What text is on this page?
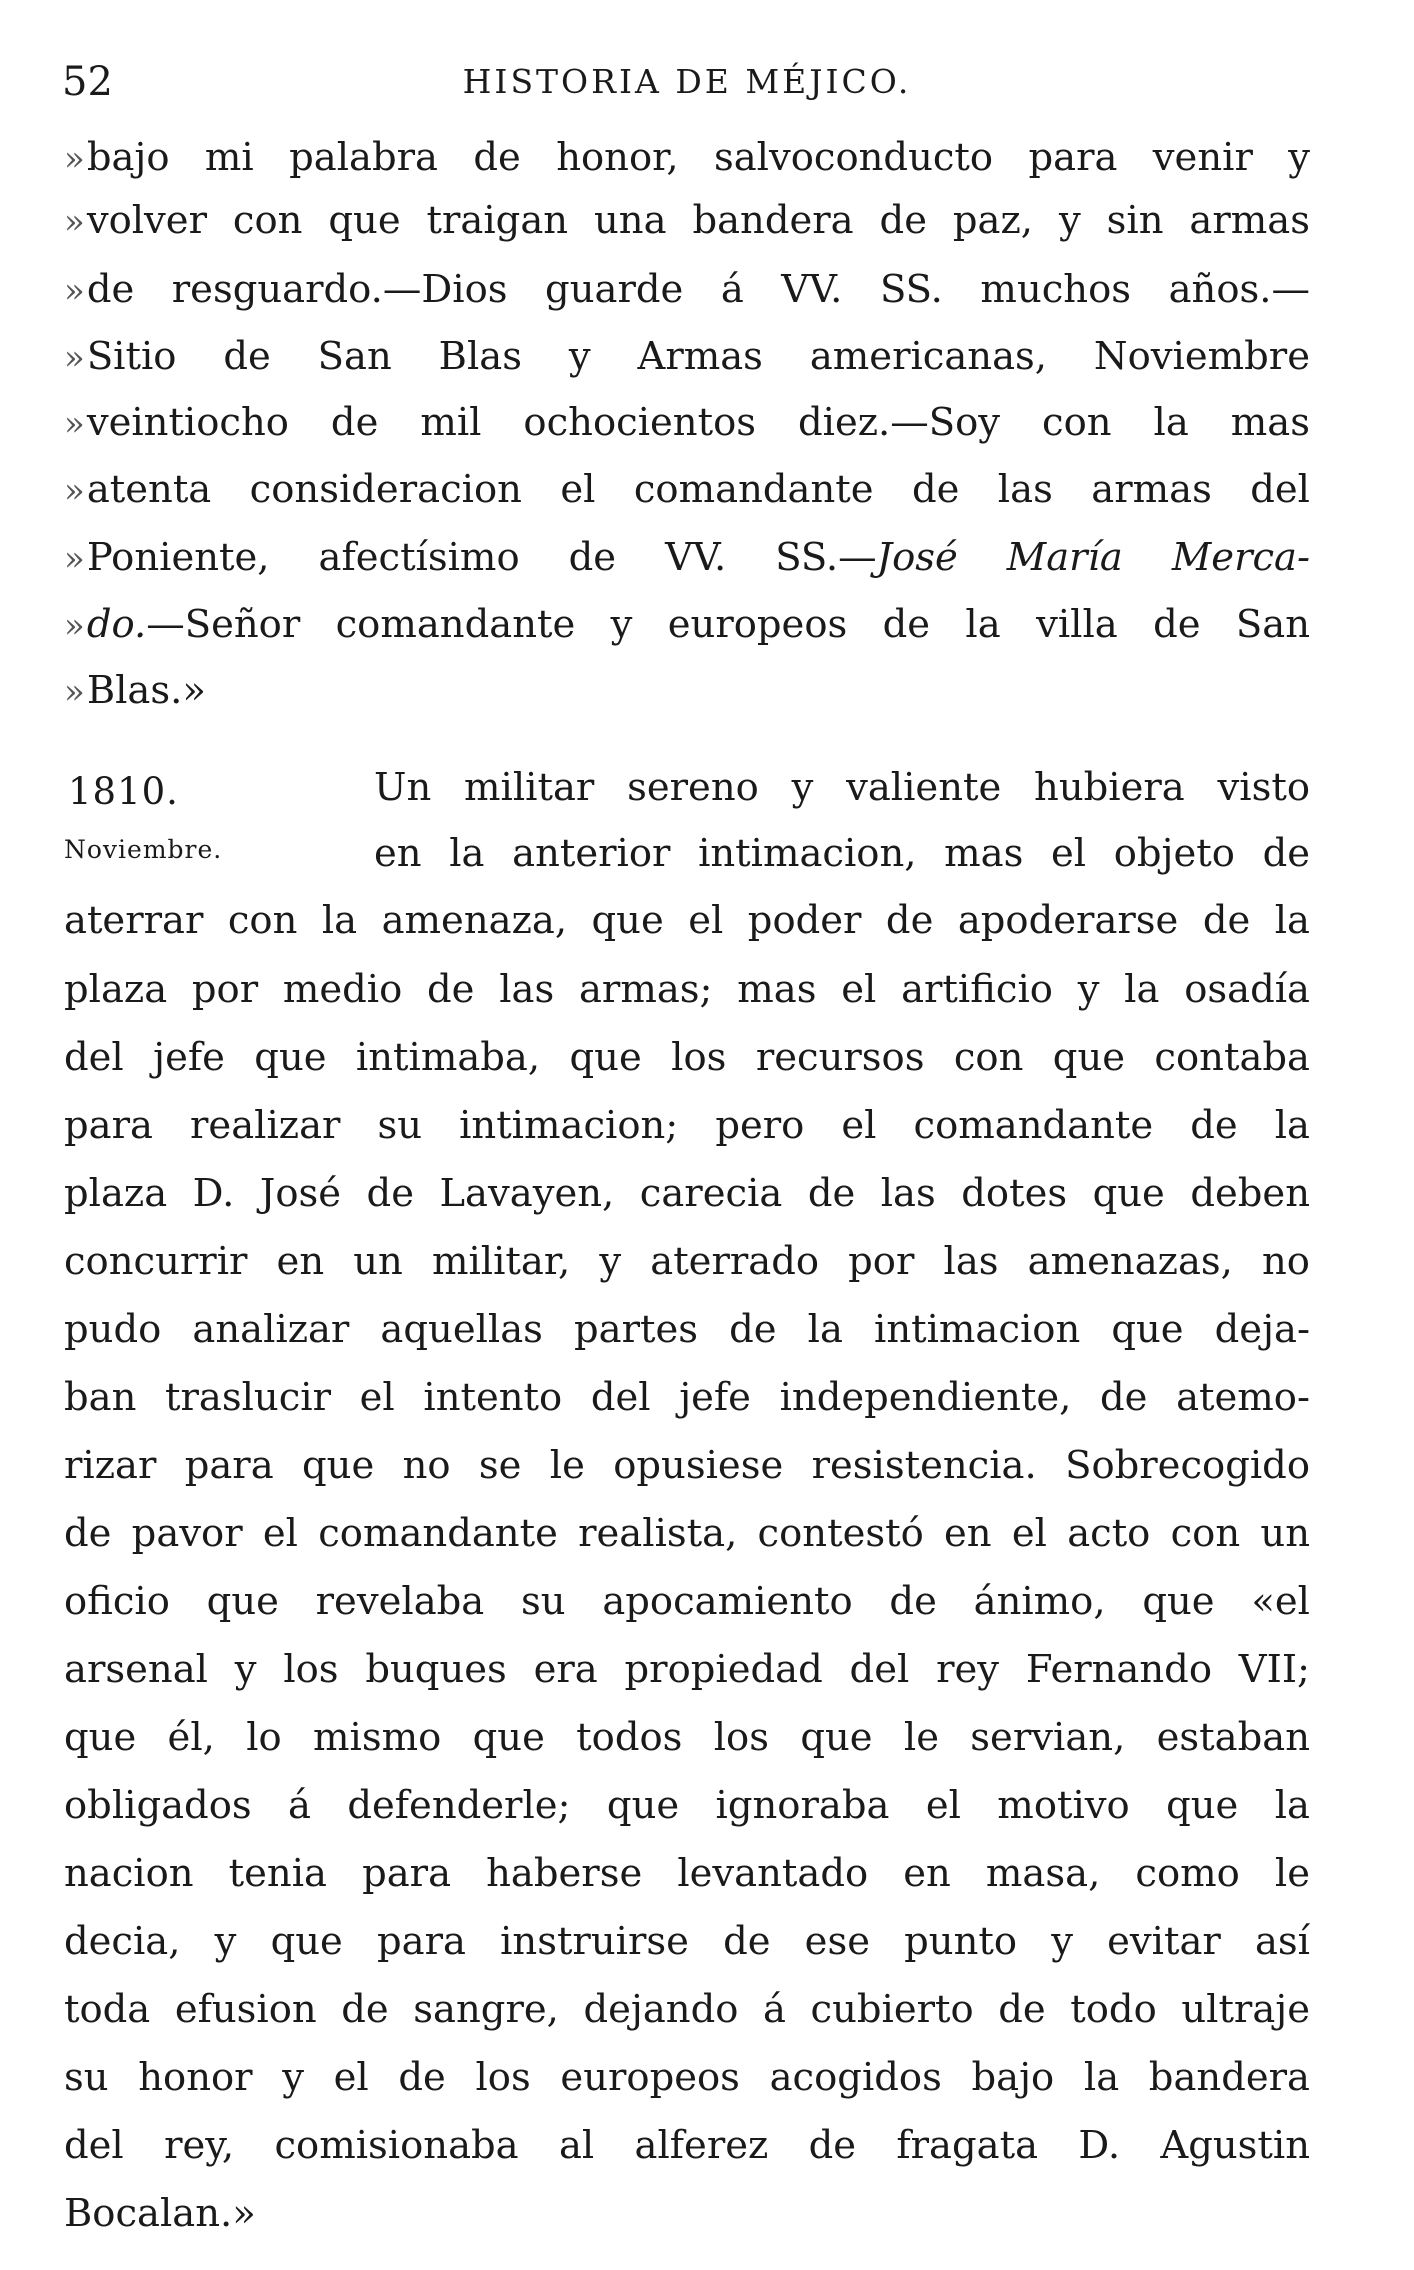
52	HISTORIA DE MÉJICO.
» bajo mi palabra de honor, salvoconducto para venir y
» volver con que traigan una bandera de paz, y sin armas
» de resguardo.—Dios guarde á VV. SS. muchos años.—
» Sitio de San Blas y Armas americanas, Noviembre
» veintiocho de mil ochocientos diez.—Soy con la mas
» atenta consideracion el comandante de las armas del
» Poniente, afectísimo de VV. SS.—José María Merca-
» do.—Señor comandante y europeos de la villa de San
» Blas.»
1810.
Noviembre.
Un militar sereno y valiente hubiera visto
en la anterior intimacion, mas el objeto de
aterrar con la amenaza, que el poder de apoderarse de la
plaza por medio de las armas; mas el artificio y la osadía
del jefe que intimaba, que los recursos con que contaba
para realizar su intimacion; pero el comandante de la
plaza D. José de Lavayen, carecia de las dotes que deben
concurrir en un militar, y aterrado por las amenazas, no
pudo analizar aquellas partes de la intimacion que deja-
ban traslucir el intento del jefe independiente, de atemo-
rizar para que no se le opusiese resistencia. Sobrecogido
de pavor el comandante realista, contestó en el acto con un
oficio que revelaba su apocamiento de ánimo, que «el
arsenal y los buques era propiedad del rey Fernando VII;
que él, lo mismo que todos los que le servian, estaban
obligados á defenderle; que ignoraba el motivo que la
nacion tenia para haberse levantado en masa, como le
decia, y que para instruirse de ese punto y evitar así
toda efusion de sangre, dejando á cubierto de todo ultraje
su honor y el de los europeos acogidos bajo la bandera
del rey, comisionaba al alferez de fragata D. Agustin
Bocalan.»
